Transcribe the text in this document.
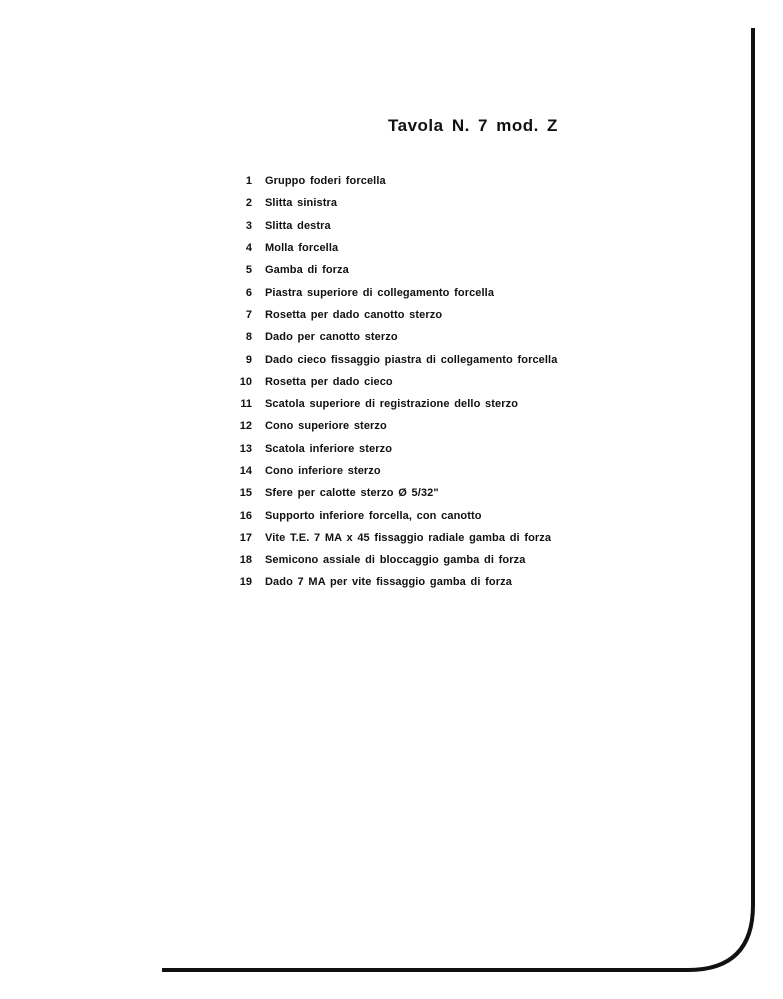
Tavola N. 7 mod. Z
1	Gruppo foderi forcella
2	Slitta sinistra
3	Slitta destra
4	Molla forcella
5	Gamba di forza
6	Piastra superiore di collegamento forcella
7	Rosetta per dado canotto sterzo
8	Dado per canotto sterzo
9	Dado cieco fissaggio piastra di collegamento forcella
10	Rosetta per dado cieco
11	Scatola superiore di registrazione dello sterzo
12	Cono superiore sterzo
13	Scatola inferiore sterzo
14	Cono inferiore sterzo
15	Sfere per calotte sterzo Ø 5/32"
16	Supporto inferiore forcella, con canotto
17	Vite T.E. 7 MA x 45 fissaggio radiale gamba di forza
18	Semicono assiale di bloccaggio gamba di forza
19	Dado 7 MA per vite fissaggio gamba di forza
